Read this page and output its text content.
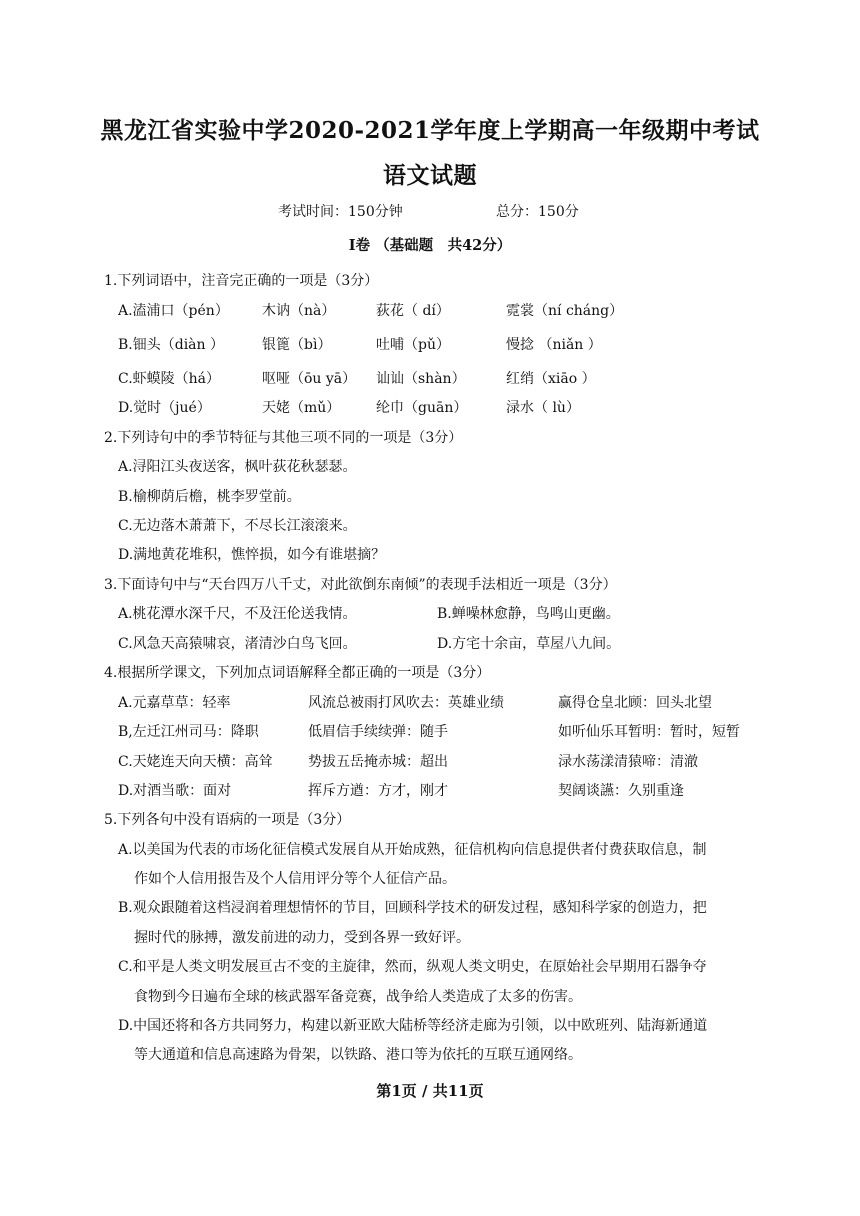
黑龙江省实验中学2020-2021学年度上学期高一年级期中考试
语文试题
考试时间：150分钟	总分：150分
Ⅰ卷 （基础题　共42分）
1.下列词语中，注音完正确的一项是（3分）
A.溘浦口（pén） 木讷（nà）	荻花（ dí）	霓裳（ní cháng）
B.钿头（diàn ）	银篦（bì）	吐哺（pǔ）	慢捻 （niǎn ）
C.虾蟆陵（há）	呕哑（ōu yā） 讪讪（shàn）	红绡（xiāo ）
D.觉时（jué）	天姥（mǔ）	纶巾（guān）	渌水（ lù）
2.下列诗句中的季节特征与其他三项不同的一项是（3分）
A.浔阳江头夜送客，枫叶荻花秋瑟瑟。
B.榆柳荫后檐，桃李罗堂前。
C.无边落木萧萧下，不尽长江滚滚来。
D.满地黄花堆积，憔悴损，如今有谁堪摘？
3.下面诗句中与“天台四万八千丈，对此欲倒东南倾”的表现手法相近一项是（3分）
A.桃花潭水深千尺，不及汪伦送我情。	B.蝉噪林愈静，鸟鸣山更幽。
C.风急天高猿啸哀，渚清沙白鸟飞回。	D.方宅十余亩，草屋八九间。
4.根据所学课文，下列加点词语解释全都正确的一项是（3分）
A.元嘉草草：轻率	风流总被雨打风吹去：英雄业绩	赢得仓皇北顾：回头北望
B,左迁江州司马：降职	低眉信手续续弹：随手	如听仙乐耳暂明：暂时，短暂
C.天姥连天向天横：高耸	势拔五岳掩赤城：超出	渌水荡漾清猿啼：清澈
D.对酒当歌：面对	挥斥方遒：方才，刚才	契阔谈讌：久别重逢
5.下列各句中没有语病的一项是（3分）
A.以美国为代表的市场化征信模式发展自从开始成熟，征信机构向信息提供者付费获取信息，制
作如个人信用报告及个人信用评分等个人征信产品。
B.观众跟随着这档浸润着理想情怀的节目，回顾科学技术的研发过程，感知科学家的创造力，把
握时代的脉搏，激发前进的动力，受到各界一致好评。
C.和平是人类文明发展亘古不变的主旋律，然而，纵观人类文明史，在原始社会早期用石器争夺
食物到今日遍布全球的核武器军备竞赛，战争给人类造成了太多的伤害。
D.中国还将和各方共同努力，构建以新亚欧大陆桥等经济走廊为引领，以中欧班列、陆海新通道
等大通道和信息高速路为骨架，以铁路、港口等为依托的互联互通网络。
第1页 / 共11页
